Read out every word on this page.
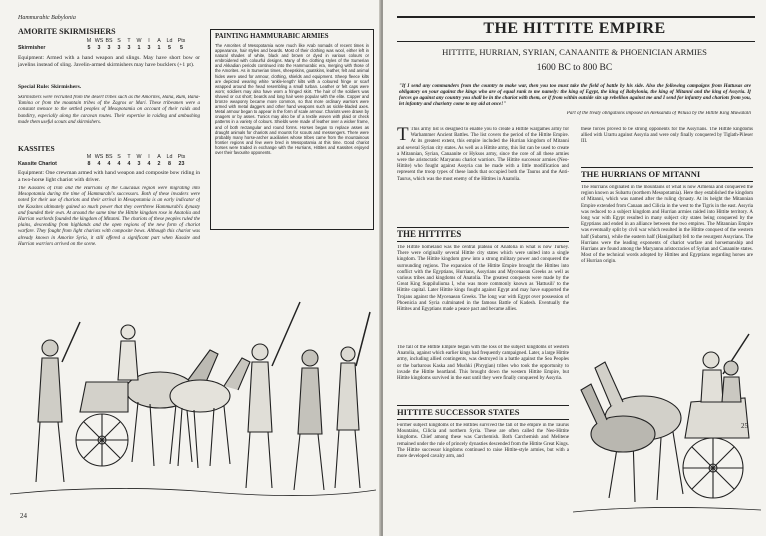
Hammurabic Babylonia
AMORITE SKIRMISHERS
M WS BS S T W I A Ld Pts
Skirmisher	5 3 3 3 3 1 3 1 5 5
Equipment: Armed with a hand weapon and slings. May have short bow or javelins instead of sling. Javelin-armed skirmishers may have bucklers (+1 pt).
Special Rule: Skirmishers.
Skirmishers were recruited from the desert tribes such as the Amorites, Hana, Rum, Bana-Yamina or from the mountain tribes of the Zagros or Mari. These tribesmen were a constant menace to the settled peoples of Mesopotamia on account of their raids and banditry, especially along the caravan routes. Their expertise in raiding and ambushing made them useful scouts and skirmishers.
KASSITES
M WS BS S T W I A Ld Pts
Kassite Chariot	8 4 4 4 4 3 4 2 8 23
Equipment: One crewman armed with hand weapon and composite bow riding in a two-horse light chariot with driver.
The Kassites of Iran and the Hurrians of the Caucasus region were migrating into Mesopotamia during the time of Hammurabi's successors. Both of these invaders were noted for their use of chariots and their arrival in Mesopotamia is an early indicator of the Kassites ultimately gained so much power that they overthrew Hammurabi's dynasty and founded their own. At around the same time the Hittite kingdom rose in Anatolia and Hurrian warlords founded the kingdom of Mitanni. The chariots of these peoples ruled the plains, descending from highlands and the open regions of the new form of chariot warfare. They fought from light chariots with composite bows. Although this chariot was already known in Amorite Syria, it still offered a significant part when Kassite and Hurrian warriors arrived on the scene.
PAINTING HAMMURABIC ARMIES
The Amorites of Mesopotamia wore much like Arab nomads of recent times in appearance, hair styles and beards. Most of their clothing was wool, either left in natural shades of white, black and brown or dyed in various colours or embroidered with colourful designs. Many of the clothing styles of the Sumerian and Akkadian periods continued into the Hammurabic era, merging with those of the Amorites. As in Sumerian times, sheepskins, goatskins, leather, felt and animal hides were used for armour, clothing, shields and equipment. Sheep fleece kilts are depicted wearing white 'ankle-length' kilts with a coloured fringe or scarf wrapped around the head resembling a small turban. Leather or felt caps were worn; soldiers may also have worn a fringed skirt. The hair of the soldiers was shaved or cut short; beards and long hair were popular with the elite. Copper and bronze weaponry became more common, so that more ordinary warriors were armed with metal daggers and other hand weapons such as sickle-bladed axes. Metal armour began to appear in the form of scale armour. Chariots were drawn by onagers or by asses. Tunics may also be of a textile woven with plaid or check patterns in a variety of colours. Shields were made of leather over a wicker frame, and of both rectangular and round forms. Horses began to replace asses as draught animals for chariots and mounts for scouts and messengers. There were probably many horse-archer auxiliaries whose tribes came from the mountainous frontier regions and few were bred in Mesopotamia at this time. Good chariot horses were traded in exchange with the Hurrians, Hittites and Kassites enjoyed over their favourite opponents.
24
THE HITTITE EMPIRE
HITTITE, HURRIAN, SYRIAN, CANAANITE & PHOENICIAN ARMIES
1600 BC to 800 BC
"If I send any commanders from the country to make war, then you too must take the field of battle by his side. Also the following campaigns from Hattusas are obligatory on your against the kings who are of equal rank to me namely: the king of Egypt, the king of Babylonia, the king of Mitanni and the king of Assyria. If forces go against any country you shall be in the chariot with them, or if from within outside sits up rebellion against me and I send for infantry and chariots from you, let infantry and chariotry come to my aid at once!"
Part of the treaty obligations imposed on Aleksandu of Wilusa by the Hittite King Muwatalli
T This army list is designed to enable you to create a Hittite wargames army for Warhammer Ancient Battles. The list covers the period of the Hittite Empire. At its greatest extent, this empire included the Hurrian kingdom of Mitanni and several Syrian city states. As well as a Hittite army, this list can be used to create a Mitannian, Syrian, Canaanite or Hyksos army, since the core of all these armies were the aristocratic Maryannu chariot warriors. The Hittite successor armies (Neo-Hittite) who fought against Assyria can be made with a little modification and represent the troop types of these lands that occupied both the Taurus and the Anti-Taurus, which was the most enemy of the Hittites in Anatolia.
THE HITTITES
The Hittite homeland was the central plateau of Anatolia in what is now Turkey. There were originally several Hittite city states which were united into a single kingdom. The Hittite kingdom grew into a strong military power and conquered the surrounding regions. The expansion of the Hittite Empire brought the Hittites into conflict with the Egyptians, Hurrians, Assyrians and Mycenaean Greeks as well as various tribes and kingdoms of Anatolia. The greatest conquests were made by the Great King Suppiluliuma I, who was more commonly known as 'Hattusili' to the Hittite capital. Later Hittite kings fought against Egypt and may have supported the Trojans against the Mycenaean Greeks. The long war with Egypt over possession of Phoenicia and Syria culminated in the famous Battle of Kadesh. Eventually the Hittites and Egyptians made a peace pact and became allies.
The fall of the Hittite Empire began with the loss of the subject kingdoms of western Anatolia, against which earlier kings had frequently campaigned. Later, a large Hittite army, including allied contingents, was destroyed in a battle against the Sea Peoples or the barbarous Kaska and Mushki (Phrygian) tribes who took the opportunity to invade the Hittite heartland. This brought down the western Hittite Empire, but Hittite kingdoms survived in the east until they were finally conquered by Assyria.
HITTITE SUCCESSOR STATES
Former subject kingdoms of the Hittites survived the fall of the empire in the Taurus Mountains, Cilicia and northern Syria. These are often called the Neo-Hittite kingdoms. Chief among these was Carchemish. Both Carchemish and Melitene remained under the rule of princely dynasties descended from the Hittite Great Kings. The Hittite successor kingdoms continued to raise Hittite-style armies, but with a more developed cavalry arm, and
these forces proved to be strong opponents for the Assyrians. The Hittite kingdoms allied with Urartu against Assyria and were only finally conquered by Tiglath-Pileser III.
THE HURRIANS OF MITANNI
The Hurrians originated in the mountains of what is now Armenia and conquered the region known as Subartu (northern Mesopotamia). Here they established the kingdom of Mitanni, which was named after the ruling dynasty. At its height the Mitannian Empire extended from Canaan and Cilicia in the west to the Tigris in the east. Assyria was reduced to a subject kingdom and Hurrian armies raided into Hittite territory. A long war with Egypt resulted in many subject city states being conquered by the Egyptians and ended in an alliance between the two empires. The Mitannian Empire was eventually split by civil war which resulted in the Hittite conquest of the western half (Subartu), while the eastern half (Hanigalbat) fell to the resurgent Assyrians. The Hurrians were the leading exponents of chariot warfare and horsemanship and Hurrians are found among the Maryannu aristocracies of Syrian and Canaanite states. Most of the technical words adopted by Hittites and Egyptians regarding horses are of Hurrian origin.
25
